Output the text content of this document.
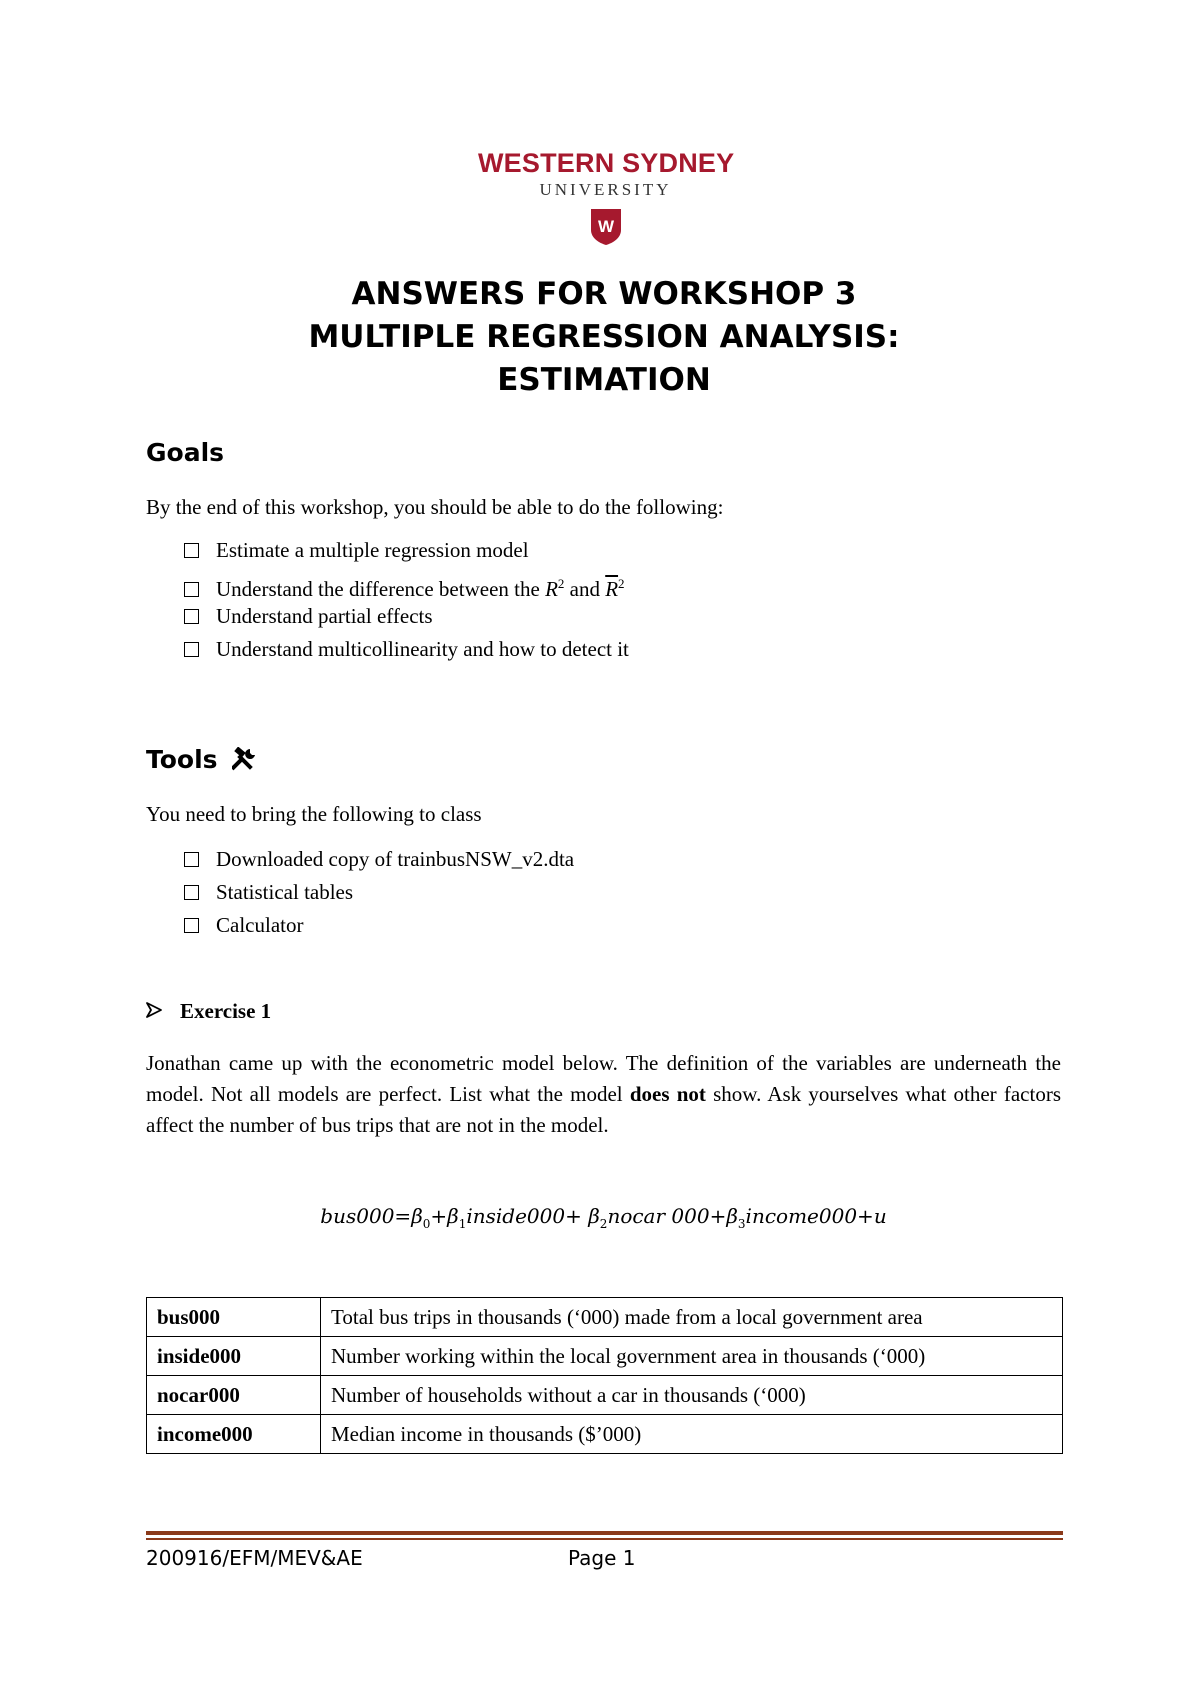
WESTERN SYDNEY
UNIVERSITY
W
ANSWERS FOR WORKSHOP 3
MULTIPLE REGRESSION ANALYSIS:
ESTIMATION
Goals
By the end of this workshop, you should be able to do the following:
Estimate a multiple regression model
Understand the difference between the $R^2$ and $\overline{R}^2$
Understand partial effects
Understand multicollinearity and how to detect it
Tools
You need to bring the following to class
Downloaded copy of trainbusNSW_v2.dta
Statistical tables
Calculator
Exercise 1
Jonathan came up with the econometric model below. The definition of the variables are underneath the model. Not all models are perfect. List what the model does not show. Ask yourselves what other factors affect the number of bus trips that are not in the model.
$bus000=\beta_0+\beta_1inside000+$ $\beta_2nocar$ $000+\beta_3income000+u$
bus000	Total bus trips in thousands (‘000) made from a local government area
inside000	Number working within the local government area in thousands (‘000)
nocar000	Number of households without a car in thousands (‘000)
income000	Median income in thousands ($’000)
200916/EFM/MEV&AE	Page 1
